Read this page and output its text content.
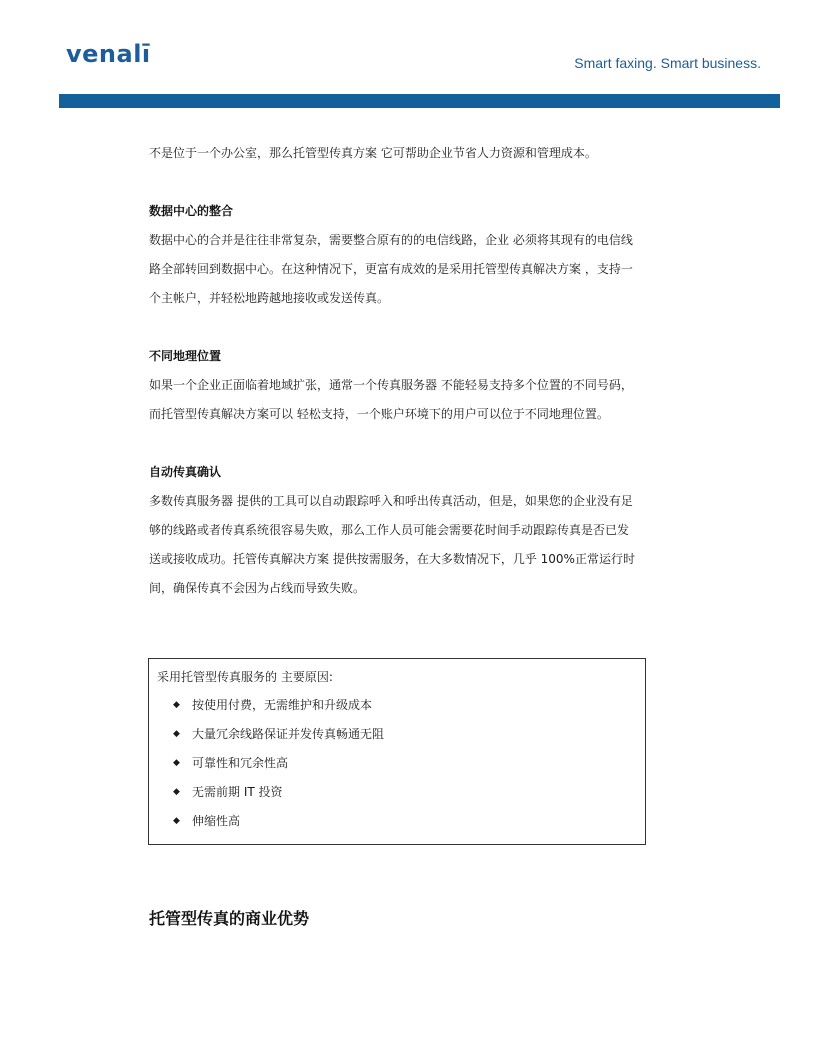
venalī	Smart faxing. Smart business.

不是位于一个办公室，那么托管型传真方案 它可帮助企业节省人力资源和管理成本。

数据中心的整合

数据中心的合并是往往非常复杂，需要整合原有的的电信线路，企业 必须将其现有的电信线

路全部转回到数据中心。在这种情况下，更富有成效的是采用托管型传真解决方案 ，支持一

个主帐户，并轻松地跨越地接收或发送传真。

不同地理位置

如果一个企业正面临着地域扩张，通常一个传真服务器 不能轻易支持多个位置的不同号码，

而托管型传真解决方案可以 轻松支持，一个账户环境下的用户可以位于不同地理位置。

自动传真确认

多数传真服务器 提供的工具可以自动跟踪呼入和呼出传真活动，但是，如果您的企业没有足

够的线路或者传真系统很容易失败，那么工作人员可能会需要花时间手动跟踪传真是否已发

送或接收成功。托管传真解决方案 提供按需服务，在大多数情况下，几乎 100%正常运行时

间，确保传真不会因为占线而导致失败。

采用托管型传真服务的 主要原因:
◆ 按使用付费，无需维护和升级成本
◆ 大量冗余线路保证并发传真畅通无阻
◆ 可靠性和冗余性高
◆ 无需前期 IT 投资
◆ 伸缩性高
托管型传真的商业优势
